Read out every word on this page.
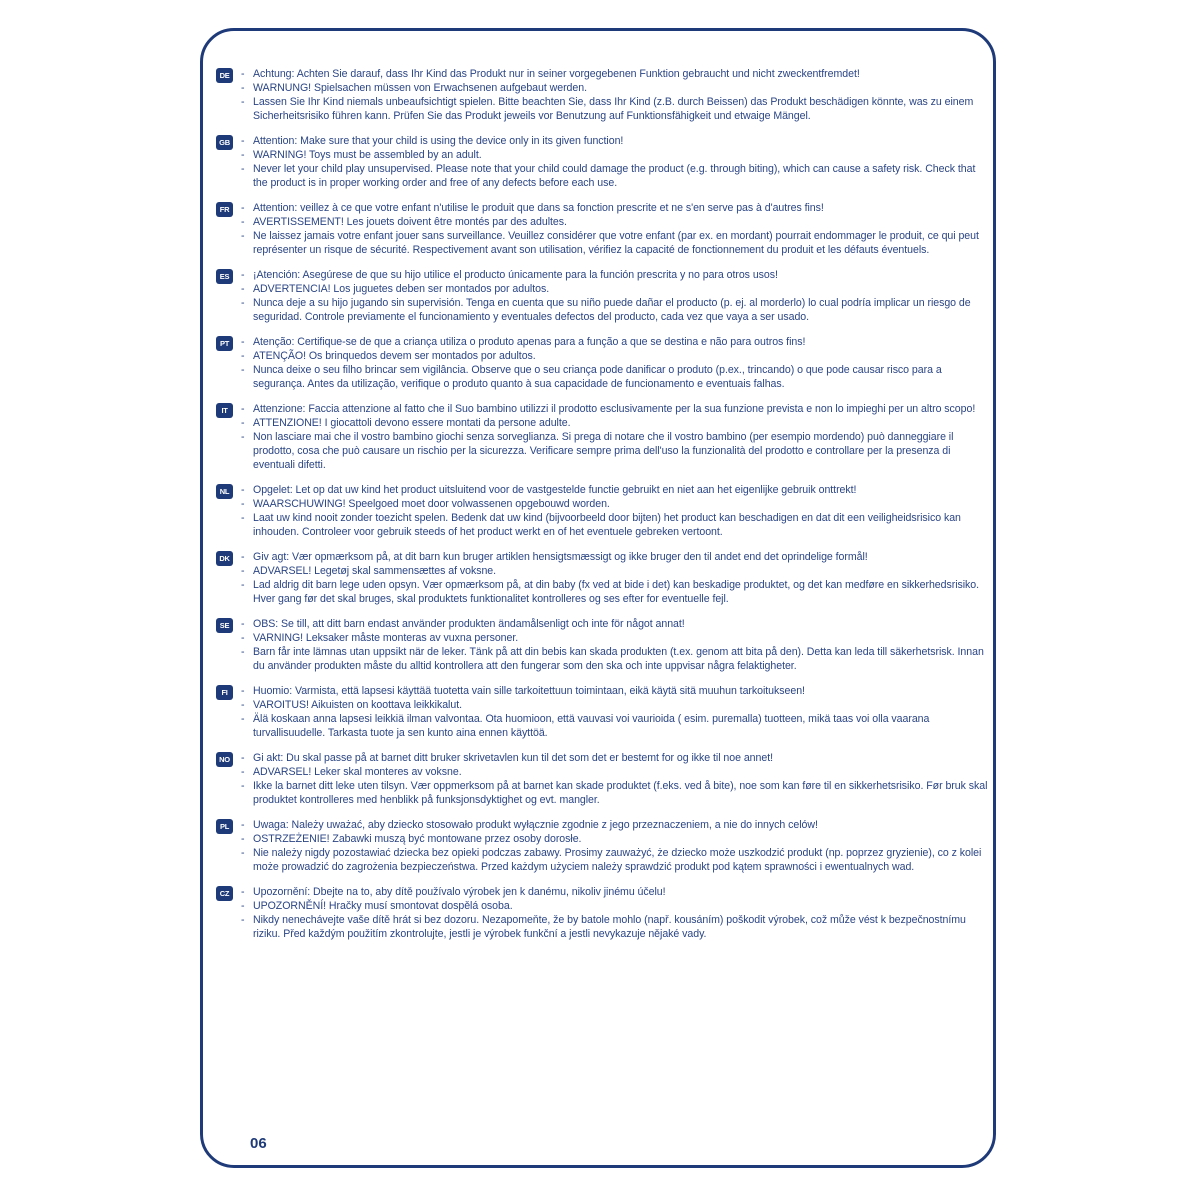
DE	- Achtung: Achten Sie darauf, dass Ihr Kind das Produkt nur in seiner vorgegebenen Funktion gebraucht und nicht zweckentfremdet!
- WARNUNG! Spielsachen müssen von Erwachsenen aufgebaut werden.
- Lassen Sie Ihr Kind niemals unbeaufsichtigt spielen. Bitte beachten Sie, dass Ihr Kind (z.B. durch Beissen) das Produkt beschädigen könnte, was zu einem Sicherheitsrisiko führen kann. Prüfen Sie das Produkt jeweils vor Benutzung auf Funktionsfähigkeit und etwaige Mängel.
GB - Attention: Make sure that your child is using the device only in its given function!
- WARNING! Toys must be assembled by an adult.
- Never let your child play unsupervised. Please note that your child could damage the product (e.g. through biting), which can cause a safety risk. Check that the product is in proper working order and free of any defects before each use.
FR	- Attention: veillez à ce que votre enfant n'utilise le produit que dans sa fonction prescrite et ne s'en serve pas à d'autres fins!
- AVERTISSEMENT! Les jouets doivent être montés par des adultes.
- Ne laissez jamais votre enfant jouer sans surveillance. Veuillez considérer que votre enfant (par ex. en mordant) pourrait endommager le produit, ce qui peut représenter un risque de sécurité. Respectivement avant son utilisation, vérifiez la capacité de fonctionnement du produit et les défauts éventuels.
ES	- ¡Atención: Asegúrese de que su hijo utilice el producto únicamente para la función prescrita y no para otros usos!
- ADVERTENCIA! Los juguetes deben ser montados por adultos.
- Nunca deje a su hijo jugando sin supervisión. Tenga en cuenta que su niño puede dañar el producto (p. ej. al morderlo) lo cual podría implicar un riesgo de seguridad. Controle previamente el funcionamiento y eventuales defectos del producto, cada vez que vaya a ser usado.
PT	- Atenção: Certifique-se de que a criança utiliza o produto apenas para a função a que se destina e não para outros fins!
- ATENÇÃO! Os brinquedos devem ser montados por adultos.
- Nunca deixe o seu filho brincar sem vigilância. Observe que o seu criança pode danificar o produto (p.ex., trincando) o que pode causar risco para a segurança. Antes da utilização, verifique o produto quanto à sua capacidade de funcionamento e eventuais falhas.
IT	- Attenzione: Faccia attenzione al fatto che il Suo bambino utilizzi il prodotto esclusivamente per la sua funzione prevista e non lo impieghi per un altro scopo!
- ATTENZIONE! I giocattoli devono essere montati da persone adulte.
- Non lasciare mai che il vostro bambino giochi senza sorveglianza. Si prega di notare che il vostro bambino (per esempio mordendo) può danneggiare il prodotto, cosa che può causare un rischio per la sicurezza. Verificare sempre prima dell'uso la funzionalità del prodotto e controllare per la presenza di eventuali difetti.
NL	- Opgelet: Let op dat uw kind het product uitsluitend voor de vastgestelde functie gebruikt en niet aan het eigenlijke gebruik onttrekt!
- WAARSCHUWING! Speelgoed moet door volwassenen opgebouwd worden.
- Laat uw kind nooit zonder toezicht spelen. Bedenk dat uw kind (bijvoorbeeld door bijten) het product kan beschadigen en dat dit een veiligheidsrisico kan inhouden. Controleer voor gebruik steeds of het product werkt en of het eventuele gebreken vertoont.
DK	- Giv agt: Vær opmærksom på, at dit barn kun bruger artiklen hensigtsmæssigt og ikke bruger den til andet end det oprindelige formål!
- ADVARSEL! Legetøj skal sammensættes af voksne.
- Lad aldrig dit barn lege uden opsyn. Vær opmærksom på, at din baby (fx ved at bide i det) kan beskadige produktet, og det kan medføre en sikkerhedsrisiko. Hver gang før det skal bruges, skal produktets funktionalitet kontrolleres og ses efter for eventuelle fejl.
SE	- OBS: Se till, att ditt barn endast använder produkten ändamålsenligt och inte för något annat!
- VARNING! Leksaker måste monteras av vuxna personer.
- Barn får inte lämnas utan uppsikt när de leker. Tänk på att din bebis kan skada produkten (t.ex. genom att bita på den). Detta kan leda till säkerhetsrisk. Innan du använder produkten måste du alltid kontrollera att den fungerar som den ska och inte uppvisar några felaktigheter.
FI	- Huomio: Varmista, että lapsesi käyttää tuotetta vain sille tarkoitettuun toimintaan, eikä käytä sitä muuhun tarkoitukseen!
- VAROITUS! Aikuisten on koottava leikkikalut.
- Älä koskaan anna lapsesi leikkiä ilman valvontaa. Ota huomioon, että vauvasi voi vaurioida ( esim. puremalla) tuotteen, mikä taas voi olla vaarana turvallisuudelle. Tarkasta tuote ja sen kunto aina ennen käyttöä.
NO - Gi akt: Du skal passe på at barnet ditt bruker skrivetavlen kun til det som det er bestemt for og ikke til noe annet!
- ADVARSEL! Leker skal monteres av voksne.
- Ikke la barnet ditt leke uten tilsyn. Vær oppmerksom på at barnet kan skade produktet (f.eks. ved å bite), noe som kan føre til en sikkerhetsrisiko. Før bruk skal produktet kontrolleres med henblikk på funksjonsdyktighet og evt. mangler.
PL	- Uwaga: Należy uważać, aby dziecko stosowało produkt wyłącznie zgodnie z jego przeznaczeniem, a nie do innych celów!
- OSTRZEŻENIE! Zabawki muszą być montowane przez osoby dorosłe.
- Nie należy nigdy pozostawiać dziecka bez opieki podczas zabawy. Prosimy zauważyć, że dziecko może uszkodzić produkt (np. poprzez gryzienie), co z kolei może prowadzić do zagrożenia bezpieczeństwa. Przed każdym użyciem należy sprawdzić produkt pod kątem sprawności i ewentualnych wad.
CZ	- Upozornění: Dbejte na to, aby dítě používalo výrobek jen k danému, nikoliv jinému účelu!
- UPOZORNĚNÍ! Hračky musí smontovat dospělá osoba.
- Nikdy nenechávejte vaše dítě hrát si bez dozoru. Nezapomeňte, že by batole mohlo (např. kousáním) poškodit výrobek, což může vést k bezpečnostnímu riziku. Před každým použitím zkontrolujte, jestli je výrobek funkční a jestli nevykazuje nějaké vady.
06
